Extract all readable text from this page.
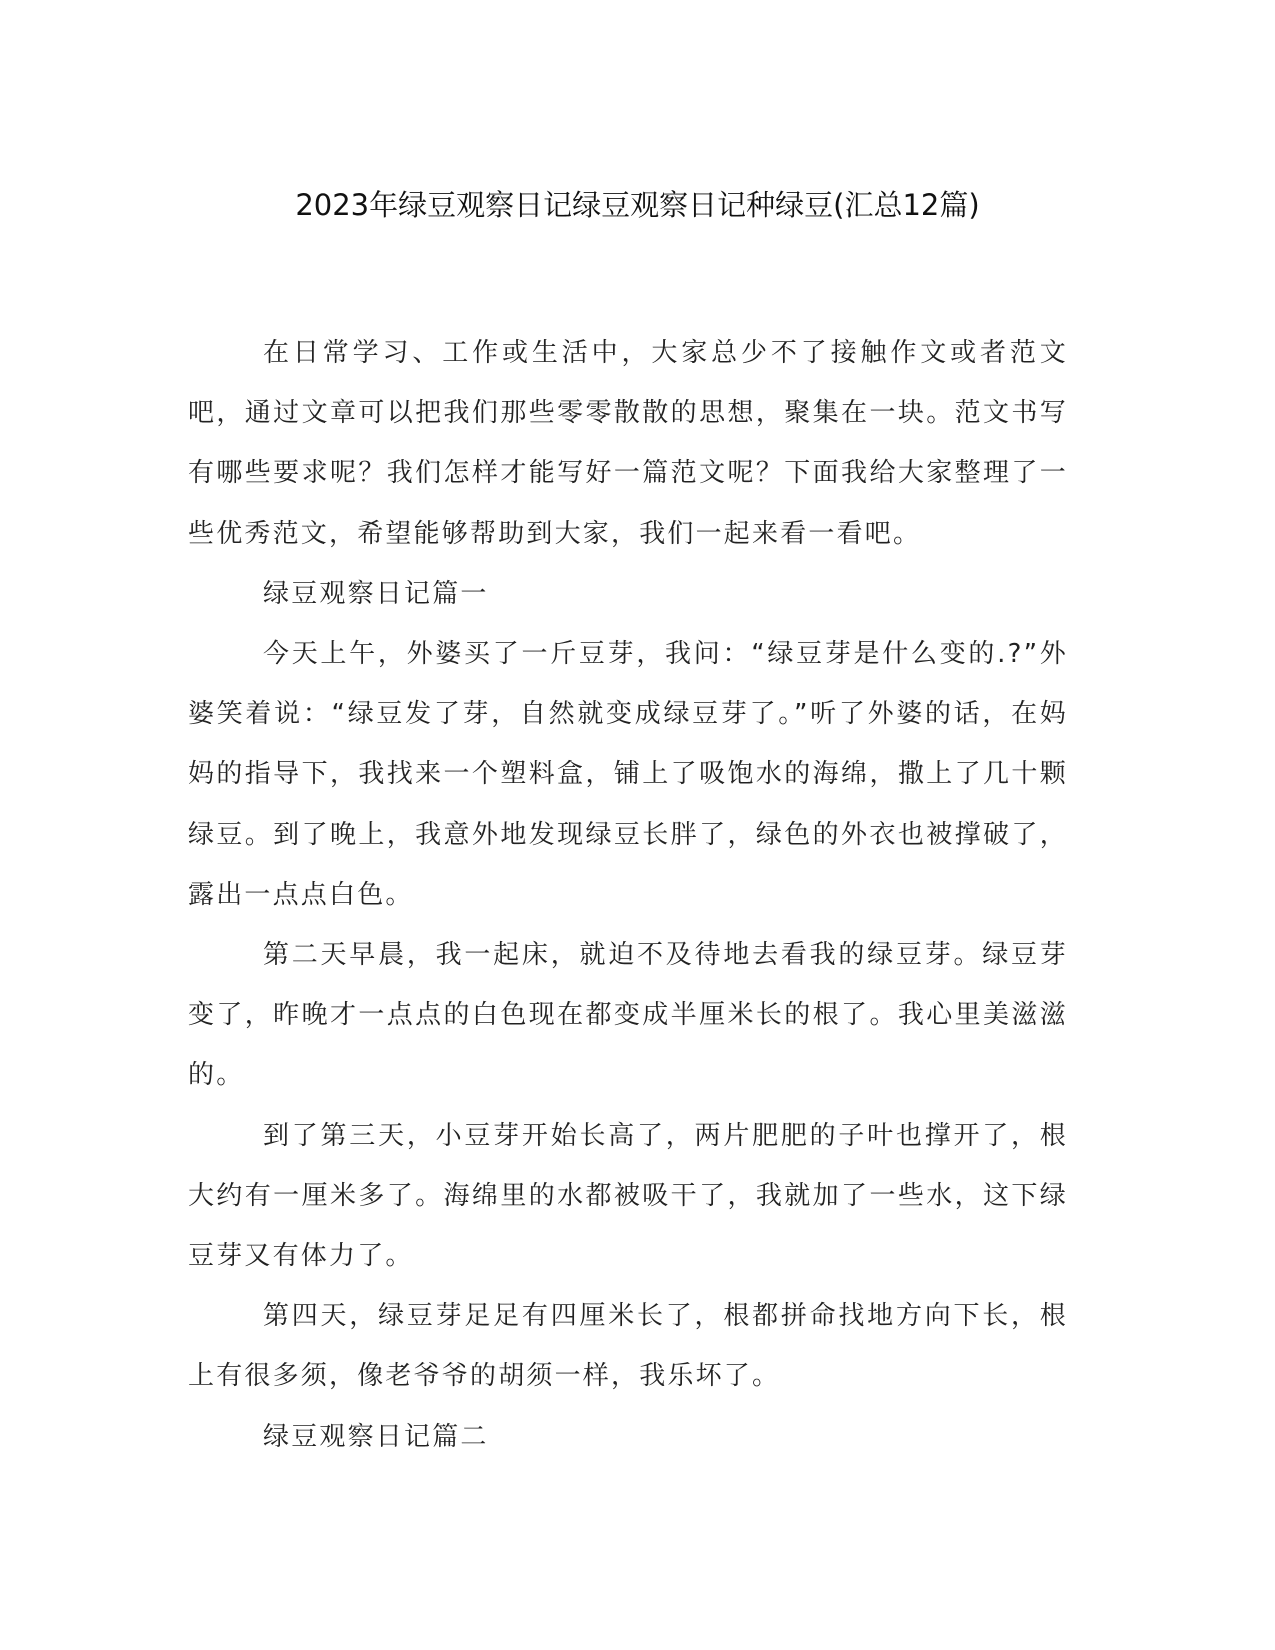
2023年绿豆观察日记绿豆观察日记种绿豆(汇总12篇)

在日常学习、工作或生活中，大家总少不了接触作文或者范文吧，通过文章可以把我们那些零零散散的思想，聚集在一块。范文书写有哪些要求呢？我们怎样才能写好一篇范文呢？下面我给大家整理了一些优秀范文，希望能够帮助到大家，我们一起来看一看吧。

绿豆观察日记篇一

今天上午，外婆买了一斤豆芽，我问：“绿豆芽是什么变的.?”外婆笑着说：“绿豆发了芽，自然就变成绿豆芽了。”听了外婆的话，在妈妈的指导下，我找来一个塑料盒，铺上了吸饱水的海绵，撒上了几十颗绿豆。到了晚上，我意外地发现绿豆长胖了，绿色的外衣也被撑破了，露出一点点白色。

第二天早晨，我一起床，就迫不及待地去看我的绿豆芽。绿豆芽变了，昨晚才一点点的白色现在都变成半厘米长的根了。我心里美滋滋的。

到了第三天，小豆芽开始长高了，两片肥肥的子叶也撑开了，根大约有一厘米多了。海绵里的水都被吸干了，我就加了一些水，这下绿豆芽又有体力了。

第四天，绿豆芽足足有四厘米长了，根都拼命找地方向下长，根上有很多须，像老爷爷的胡须一样，我乐坏了。

绿豆观察日记篇二
